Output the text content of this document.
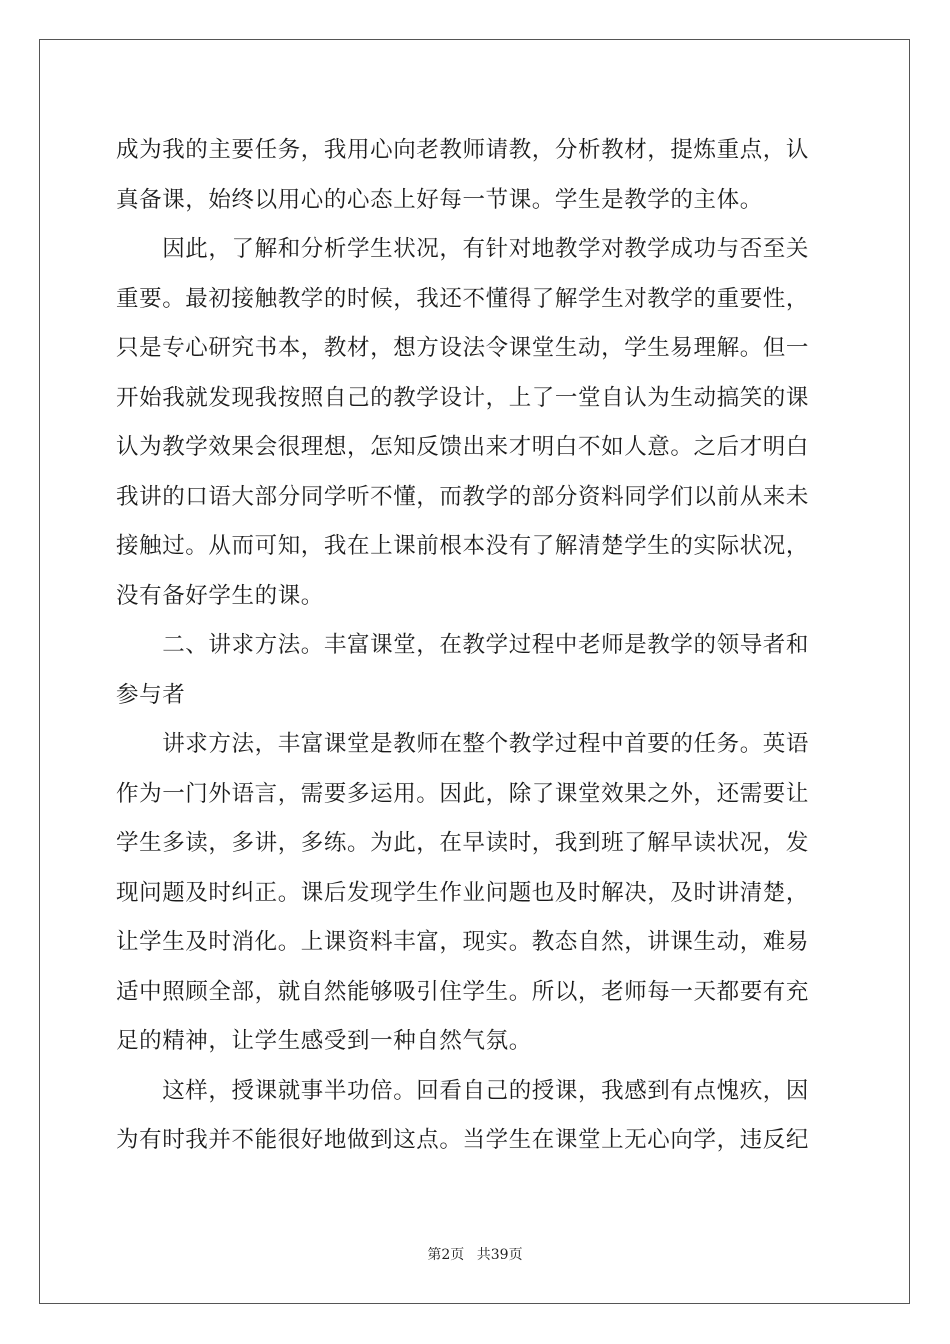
成为我的主要任务，我用心向老教师请教，分析教材，提炼重点，认
真备课，始终以用心的心态上好每一节课。学生是教学的主体。
　　因此，了解和分析学生状况，有针对地教学对教学成功与否至关
重要。最初接触教学的时候，我还不懂得了解学生对教学的重要性，
只是专心研究书本，教材，想方设法令课堂生动，学生易理解。但一
开始我就发现我按照自己的教学设计，上了一堂自认为生动搞笑的课
认为教学效果会很理想，怎知反馈出来才明白不如人意。之后才明白
我讲的口语大部分同学听不懂，而教学的部分资料同学们以前从来未
接触过。从而可知，我在上课前根本没有了解清楚学生的实际状况，
没有备好学生的课。
　　二、讲求方法。丰富课堂，在教学过程中老师是教学的领导者和
参与者
　　讲求方法，丰富课堂是教师在整个教学过程中首要的任务。英语
作为一门外语言，需要多运用。因此，除了课堂效果之外，还需要让
学生多读，多讲，多练。为此，在早读时，我到班了解早读状况，发
现问题及时纠正。课后发现学生作业问题也及时解决，及时讲清楚，
让学生及时消化。上课资料丰富，现实。教态自然，讲课生动，难易
适中照顾全部，就自然能够吸引住学生。所以，老师每一天都要有充
足的精神，让学生感受到一种自然气氛。
　　这样，授课就事半功倍。回看自己的授课，我感到有点愧疚，因
为有时我并不能很好地做到这点。当学生在课堂上无心向学，违反纪
第2页 共39页
